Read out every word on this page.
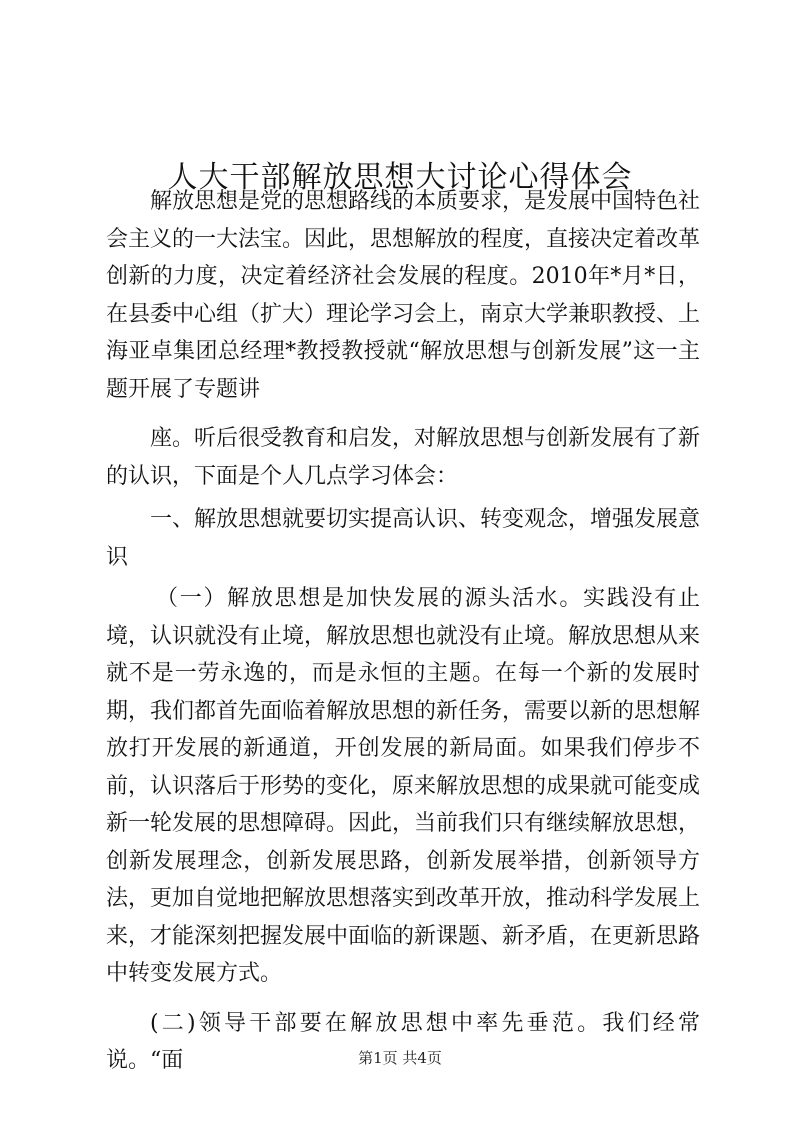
人大干部解放思想大讨论心得体会

解放思想是党的思想路线的本质要求，是发展中国特色社会主义的一大法宝。因此，思想解放的程度，直接决定着改革创新的力度，决定着经济社会发展的程度。2010年*月*日，在县委中心组（扩大）理论学习会上，南京大学兼职教授、上海亚卓集团总经理*教授教授就“解放思想与创新发展”这一主题开展了专题讲

座。听后很受教育和启发，对解放思想与创新发展有了新的认识，下面是个人几点学习体会：

一、解放思想就要切实提高认识、转变观念，增强发展意识

（一）解放思想是加快发展的源头活水。实践没有止境，认识就没有止境，解放思想也就没有止境。解放思想从来就不是一劳永逸的，而是永恒的主题。在每一个新的发展时期，我们都首先面临着解放思想的新任务，需要以新的思想解放打开发展的新通道，开创发展的新局面。如果我们停步不前，认识落后于形势的变化，原来解放思想的成果就可能变成新一轮发展的思想障碍。因此，当前我们只有继续解放思想，创新发展理念，创新发展思路，创新发展举措，创新领导方法，更加自觉地把解放思想落实到改革开放，推动科学发展上来，才能深刻把握发展中面临的新课题、新矛盾，在更新思路中转变发展方式。

(二)领导干部要在解放思想中率先垂范。我们经常说。“面	第1页 共4页
